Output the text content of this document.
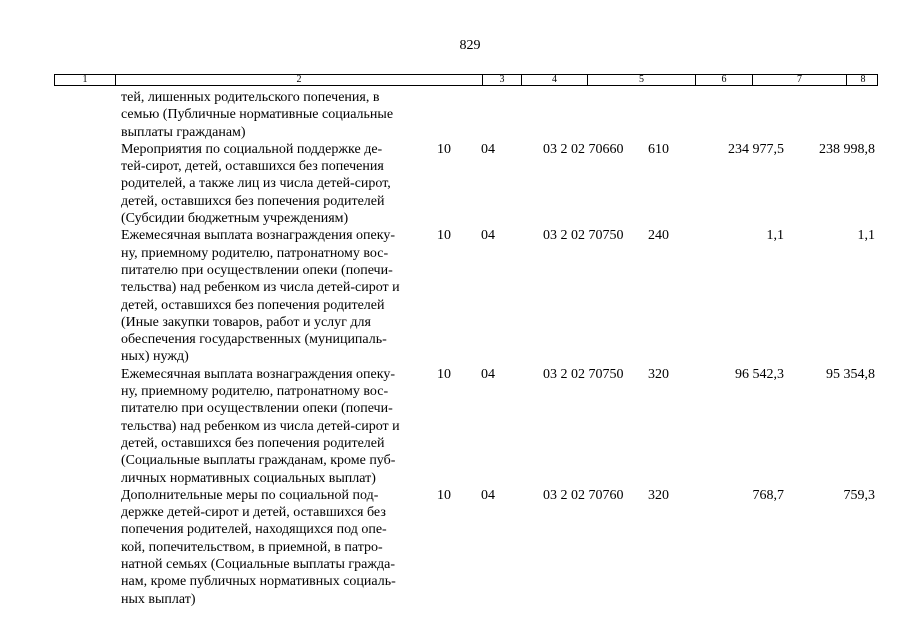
829
1	2	3	4	5	6	7	8
тей, лишенных родительского попечения, в
семью (Публичные нормативные социальные
выплаты гражданам)
Мероприятия по социальной поддержке де-
тей-сирот, детей, оставшихся без попечения
родителей, а также лиц из числа детей-сирот,
детей, оставшихся без попечения родителей
(Субсидии бюджетным учреждениям)
10 04	03 2 02 70660 610	234 977,5	238 998,8
Ежемесячная выплата вознаграждения опеку-
ну, приемному родителю, патронатному вос-
питателю при осуществлении опеки (попечи-
тельства) над ребенком из числа детей-сирот и
детей, оставшихся без попечения родителей
(Иные закупки товаров, работ и услуг для
обеспечения государственных (муниципаль-
ных) нужд)
10 04	03 2 02 70750 240	1,1	1,1
Ежемесячная выплата вознаграждения опеку-
ну, приемному родителю, патронатному вос-
питателю при осуществлении опеки (попечи-
тельства) над ребенком из числа детей-сирот и
детей, оставшихся без попечения родителей
(Социальные выплаты гражданам, кроме пуб-
личных нормативных социальных выплат)
10 04	03 2 02 70750 320	96 542,3	95 354,8
Дополнительные меры по социальной под-
держке детей-сирот и детей, оставшихся без
попечения родителей, находящихся под опе-
кой, попечительством, в приемной, в патро-
натной семьях (Социальные выплаты гражда-
нам, кроме публичных нормативных социаль-
ных выплат)
10 04	03 2 02 70760 320	768,7	759,3
